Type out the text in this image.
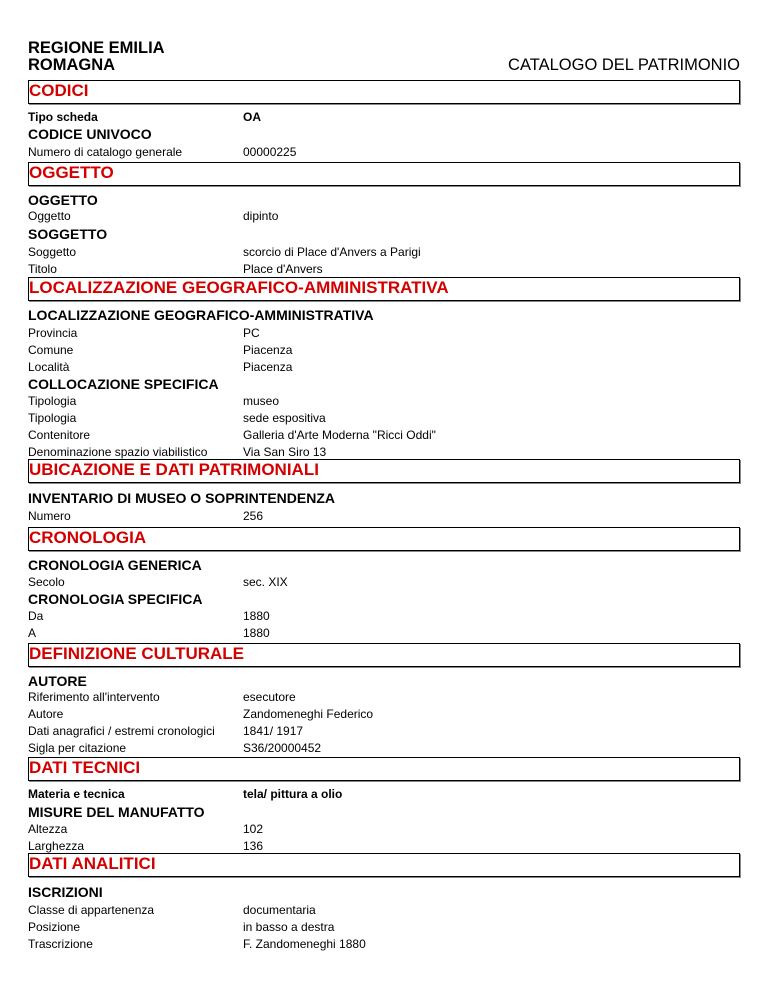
REGIONE EMILIA ROMAGNA	CATALOGO DEL PATRIMONIO
CODICI
Tipo scheda	OA
CODICE UNIVOCO
Numero di catalogo generale	00000225
OGGETTO
OGGETTO
Oggetto	dipinto
SOGGETTO
Soggetto	scorcio di Place d'Anvers a Parigi
Titolo	Place d'Anvers
LOCALIZZAZIONE GEOGRAFICO-AMMINISTRATIVA
LOCALIZZAZIONE GEOGRAFICO-AMMINISTRATIVA
Provincia	PC
Comune	Piacenza
Località	Piacenza
COLLOCAZIONE SPECIFICA
Tipologia	museo
Tipologia	sede espositiva
Contenitore	Galleria d'Arte Moderna "Ricci Oddi"
Denominazione spazio viabilistico	Via San Siro 13
UBICAZIONE E DATI PATRIMONIALI
INVENTARIO DI MUSEO O SOPRINTENDENZA
Numero	256
CRONOLOGIA
CRONOLOGIA GENERICA
Secolo	sec. XIX
CRONOLOGIA SPECIFICA
Da	1880
A	1880
DEFINIZIONE CULTURALE
AUTORE
Riferimento all'intervento	esecutore
Autore	Zandomeneghi Federico
Dati anagrafici / estremi cronologici 1841/ 1917
Sigla per citazione	S36/20000452
DATI TECNICI
Materia e tecnica	tela/ pittura a olio
MISURE DEL MANUFATTO
Altezza	102
Larghezza	136
DATI ANALITICI
ISCRIZIONI
Classe di appartenenza	documentaria
Posizione	in basso a destra
Trascrizione	F. Zandomeneghi 1880
